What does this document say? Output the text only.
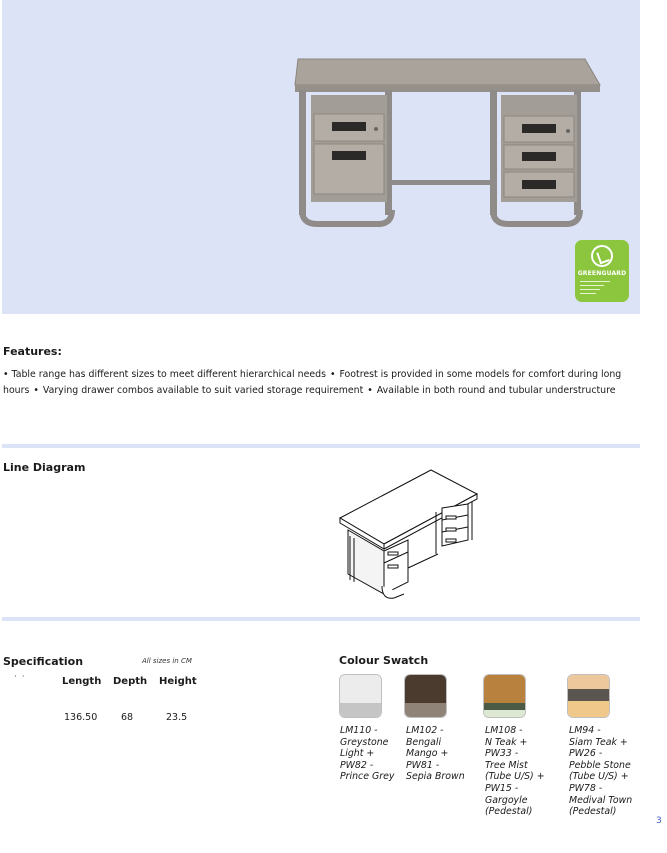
GREENGUARD
Features:
• Table range has different sizes to meet different hierarchical needs • Footrest is provided in some models for comfort during long hours • Varying drawer combos available to suit varied storage requirement • Available in both round and tubular understructure
Line Diagram
Specification	All sizes in CM
· ·	Length Depth Height
136.50	68	23.5
Colour Swatch
LM110 -
Greystone
Light +
PW82 -
Prince Grey
LM102 -
Bengali
Mango +
PW81 -
Sepia Brown
LM108 -
N Teak +
PW33 -
Tree Mist
(Tube U/S) +
PW15 -
Gargoyle
(Pedestal)
LM94 -
Siam Teak +
PW26 -
Pebble Stone
(Tube U/S) +
PW78 -
Medival Town
(Pedestal)
3
